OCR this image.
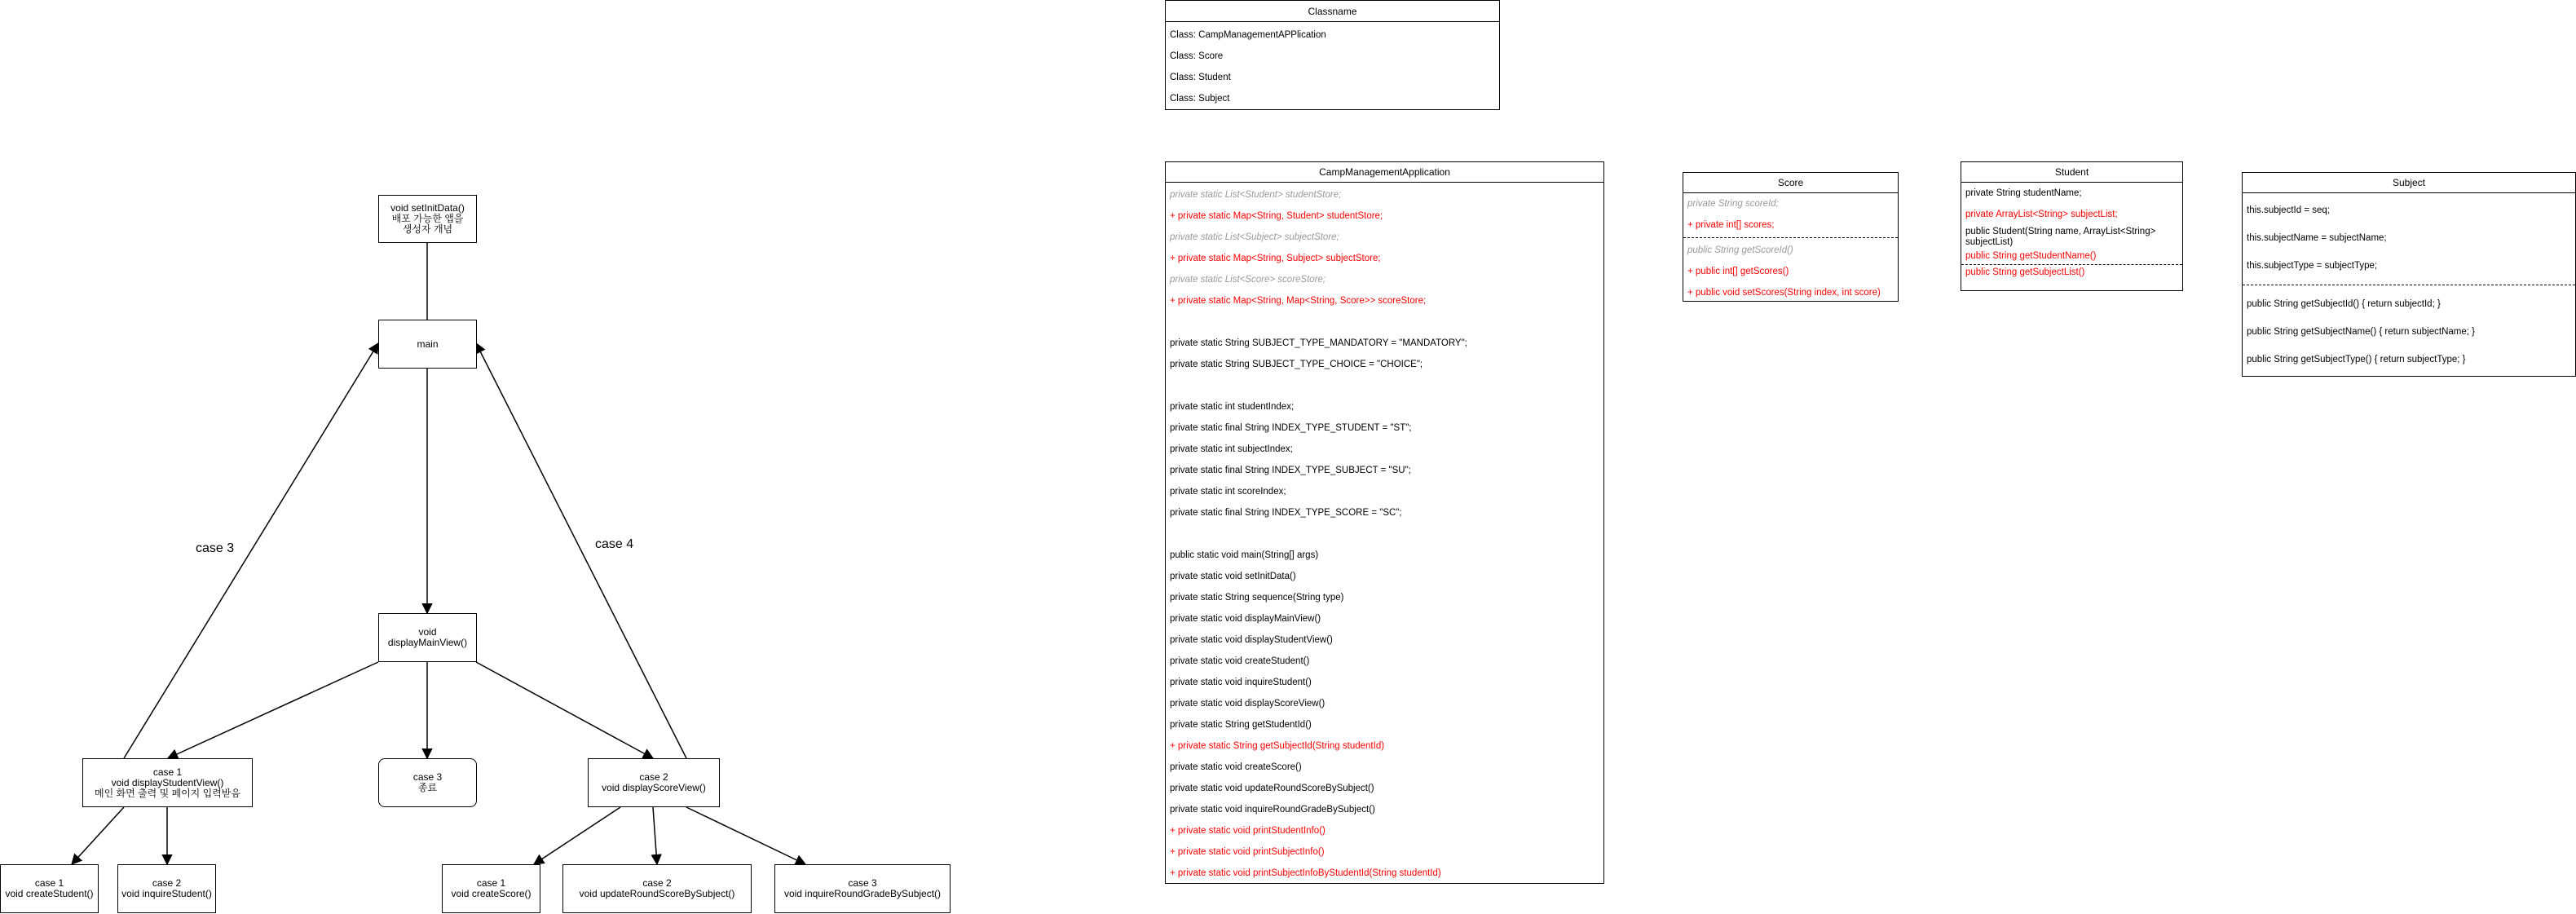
case 3	case 4
void setInitData()
배포 가능한 앱을
생성자 개념
main
void
displayMainView()
case 1
void displayStudentView()
메인 화면 출력 및 페이지 입력받음
case 3
종료
case 2
void displayScoreView()
case 1
void createStudent()
case 2
void inquireStudent()
case 1
void createScore()
case 2
void updateRoundScoreBySubject()
case 3
void inquireRoundGradeBySubject()
Classname
Class: CampManagementAPPlication
Class: Score
Class: Student
Class: Subject
CampManagementApplication
private static List<Student> studentStore;
+ private static Map<String, Student> studentStore;
private static List<Subject> subjectStore;
+ private static Map<String, Subject> subjectStore;
private static List<Score> scoreStore;
+ private static Map<String, Map<String, Score>> scoreStore;
private static String SUBJECT_TYPE_MANDATORY = "MANDATORY";
private static String SUBJECT_TYPE_CHOICE = "CHOICE";
private static int studentIndex;
private static final String INDEX_TYPE_STUDENT = "ST";
private static int subjectIndex;
private static final String INDEX_TYPE_SUBJECT = "SU";
private static int scoreIndex;
private static final String INDEX_TYPE_SCORE = "SC";
public static void main(String[] args)
private static void setInitData()
private static String sequence(String type)
private static void displayMainView()
private static void displayStudentView()
private static void createStudent()
private static void inquireStudent()
private static void displayScoreView()
private static String getStudentId()
+ private static String getSubjectId(String studentId)
private static void createScore()
private static void updateRoundScoreBySubject()
private static void inquireRoundGradeBySubject()
+ private static void printStudentInfo()
+ private static void printSubjectInfo()
+ private static void printSubjectInfoByStudentId(String studentId)
Score
private String scoreId;
+ private int[] scores;
public String getScoreId()
+ public int[] getScores()
+ public void setScores(String index, int score)
Student
private String studentName;
private ArrayList<String> subjectList;
public Student(String name, ArrayList<String> subjectList)
public String getStudentName()
public String getSubjectList()
Subject
this.subjectId = seq;
this.subjectName = subjectName;
this.subjectType = subjectType;
public String getSubjectId() { return subjectId; }
public String getSubjectName() { return subjectName; }
public String getSubjectType() { return subjectType; }
